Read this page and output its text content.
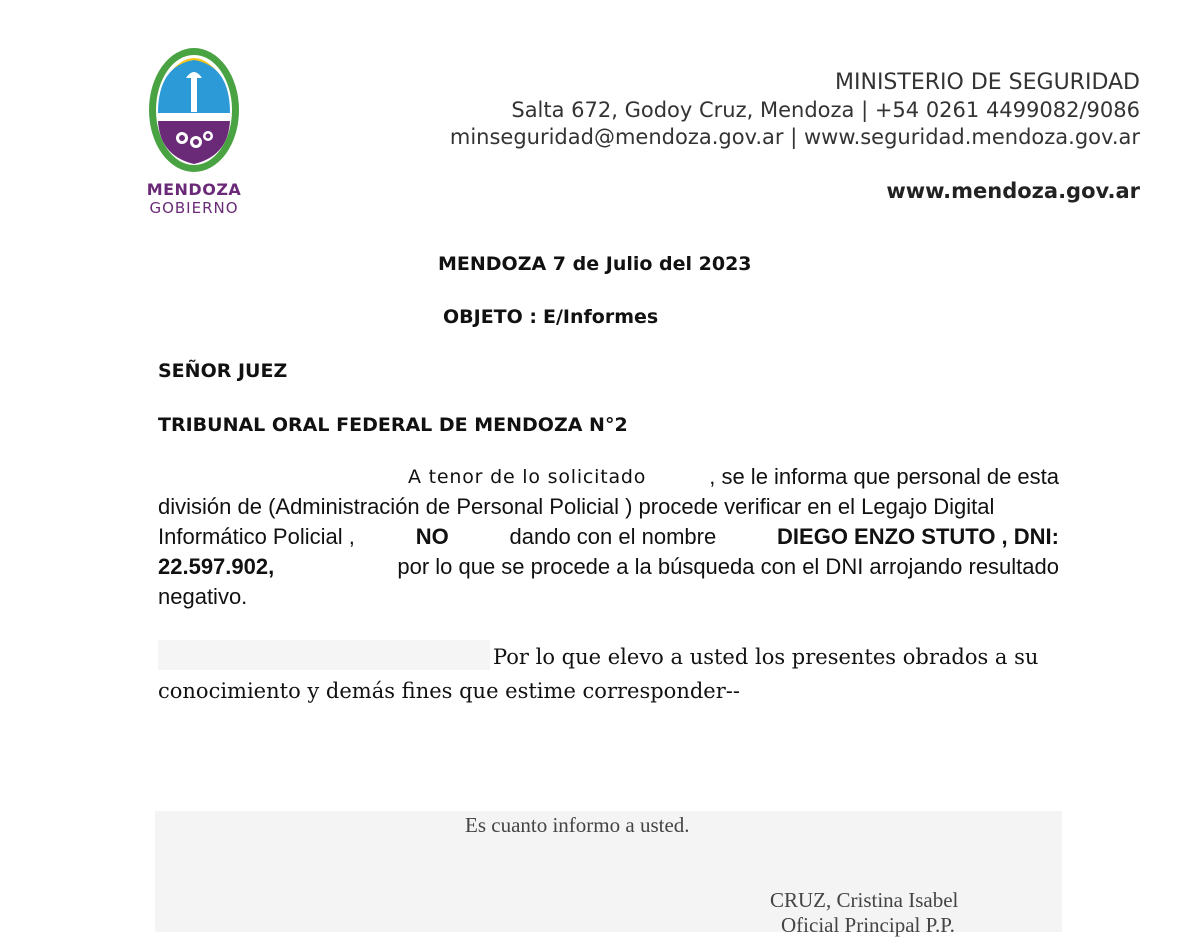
MENDOZA
GOBIERNO
MINISTERIO DE SEGURIDAD
Salta 672, Godoy Cruz, Mendoza | +54 0261 4499082/9086
minseguridad@mendoza.gov.ar | www.seguridad.mendoza.gov.ar
www.mendoza.gov.ar
MENDOZA 7 de Julio del 2023
OBJETO : E/Informes
SEÑOR JUEZ
TRIBUNAL ORAL FEDERAL DE MENDOZA N°2
A tenor de lo solicitado	, se le informa que personal de esta
división de (Administración de Personal Policial ) procede verificar en el Legajo Digital
Informático Policial ,	NO	dando con el nombre	DIEGO ENZO STUTO , DNI:
22.597.902,	por lo que se procede a la búsqueda con el DNI arrojando resultado
negativo.
Por lo que elevo a usted los presentes obrados a su
conocimiento y demás fines que estime corresponder--
Es cuanto informo a usted.
CRUZ, Cristina Isabel
Oficial Principal P.P.
